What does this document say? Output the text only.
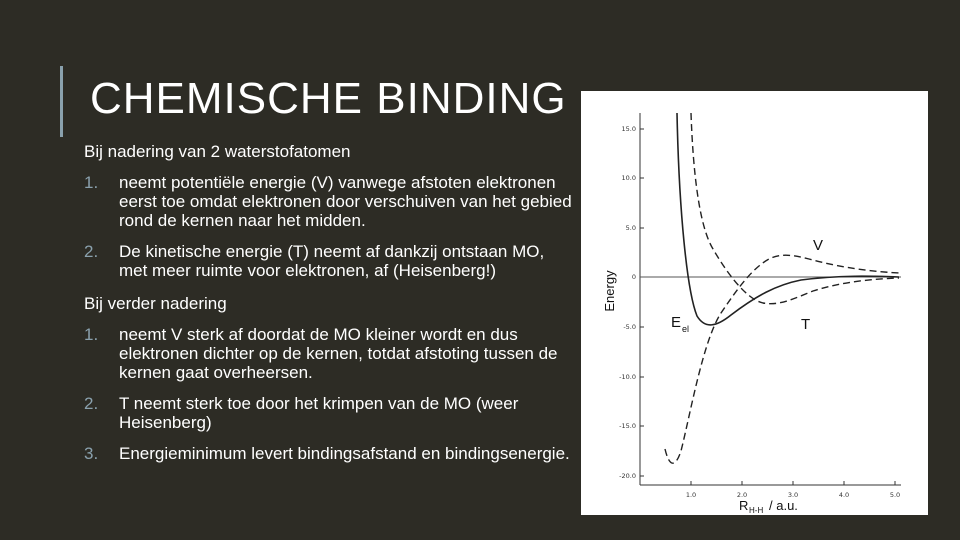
CHEMISCHE BINDING

Bij nadering van 2 waterstofatomen

1.	neemt potentiële energie (V) vanwege afstoten elektronen eerst toe omdat elektronen door verschuiven van het gebied rond de kernen naar het midden.
2.	De kinetische energie (T) neemt af dankzij ontstaan MO, met meer ruimte voor elektronen, af (Heisenberg!)

Bij verder nadering

1.	neemt V sterk af doordat de MO kleiner wordt en dus elektronen dichter op de kernen, totdat afstoting tussen de kernen gaat overheersen.
2.	T neemt sterk toe door het krimpen van de MO (weer Heisenberg)
3.	Energieminimum levert bindingsafstand en bindingsenergie.
15.0
10.0
5.0
0
-5.0
-10.0
-15.0
-20.0
1.0	2.0	3.0	4.0	5.0
Energy
R H-H / a.u.
V
T
E el
